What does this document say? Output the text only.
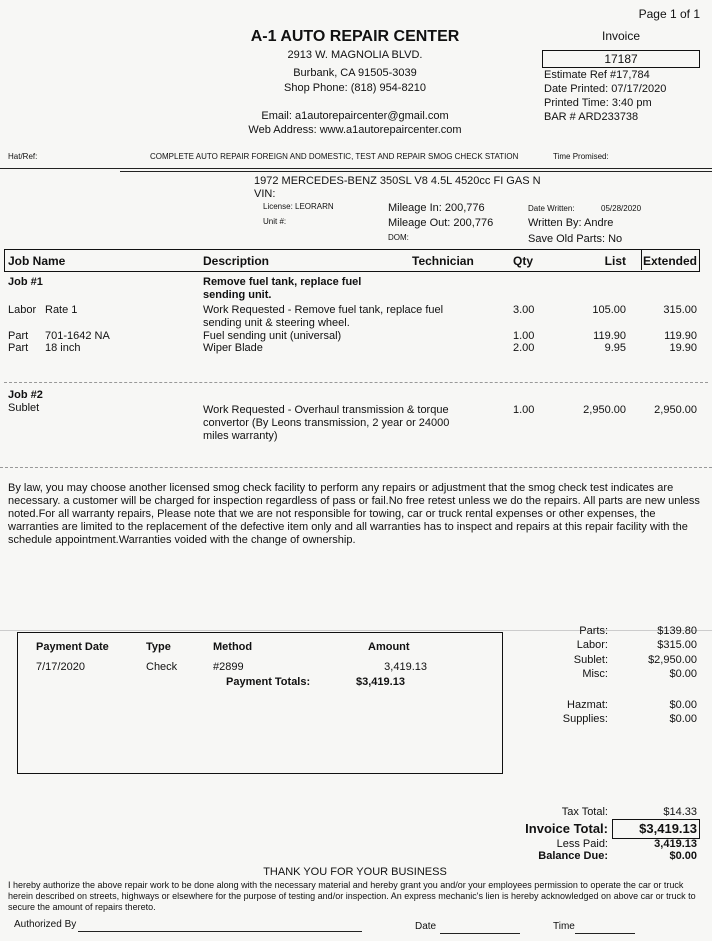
Page 1 of 1
A-1 AUTO REPAIR CENTER
2913 W. MAGNOLIA BLVD.
Burbank, CA 91505-3039
Shop Phone: (818) 954-8210
Email: a1autorepaircenter@gmail.com
Web Address: www.a1autorepaircenter.com
Invoice
17187
Estimate Ref #17,784
Date Printed: 07/17/2020
Printed Time: 3:40 pm
BAR # ARD233738
Hat/Ref:	COMPLETE AUTO REPAIR FOREIGN AND DOMESTIC, TEST AND REPAIR SMOG CHECK STATION	Time Promised:
1972 MERCEDES-BENZ 350SL V8 4.5L 4520cc FI GAS N
VIN:
License: LEORARN
Unit #:
Mileage In: 200,776
Mileage Out: 200,776
DOM:
Date Written:	05/28/2020
Written By: Andre
Save Old Parts: No
Job Name	Description	Technician	Qty	List Extended
Job #1	Remove fuel tank, replace fuel
sending unit.
Labor Rate 1	Work Requested - Remove fuel tank, replace fuel
sending unit & steering wheel.
3.00	105.00	315.00
Part 701-1642 NA	Fuel sending unit (universal)	1.00	119.90	119.90
Part 18 inch	Wiper Blade	2.00	9.95	19.90
Job #2
Sublet	Work Requested - Overhaul transmission & torque
convertor (By Leons transmission, 2 year or 24000
miles warranty)
1.00	2,950.00	2,950.00
By law, you may choose another licensed smog check facility to perform any repairs or adjustment that the smog check test indicates are necessary. a customer will be charged for inspection regardless of pass or fail.No free retest unless we do the repairs. All parts are new unless noted.For all warranty repairs, Please note that we are not responsible for towing, car or truck rental expenses or other expenses, the warranties are limited to the replacement of the defective item only and all warranties has to inspect and repairs at this repair facility with the schedule appointment.Warranties voided with the change of ownership.
Payment Date	Type	Method	Amount
7/17/2020	Check	#2899	3,419.13
Payment Totals:	$3,419.13
Parts:	$139.80
Labor:	$315.00
Sublet:	$2,950.00
Misc:	$0.00
Hazmat:	$0.00
Supplies:	$0.00
Tax Total:	$14.33
Invoice Total:	$3,419.13
Less Paid:	3,419.13
Balance Due:	$0.00
THANK YOU FOR YOUR BUSINESS
I hereby authorize the above repair work to be done along with the necessary material and hereby grant you and/or your employees permission to operate the car or truck herein described on streets, highways or elsewhere for the purpose of testing and/or inspection. An express mechanic's lien is hereby acknowledged on above car or truck to secure the amount of repairs thereto.
Authorized By	Date	Time
